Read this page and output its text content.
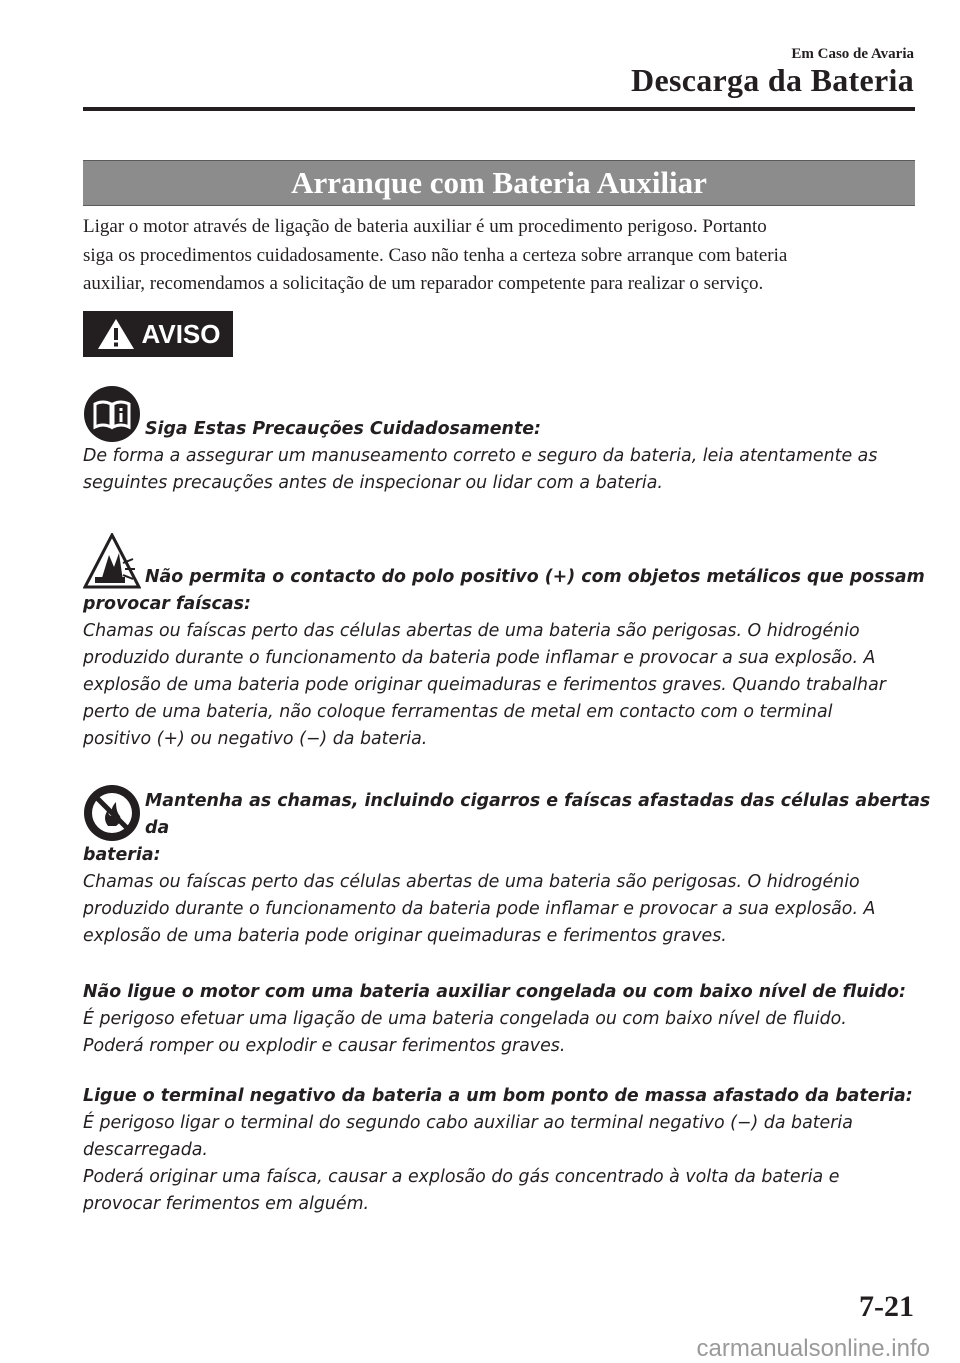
Em Caso de Avaria
Descarga da Bateria
Arranque com Bateria Auxiliar

Ligar o motor através de ligação de bateria auxiliar é um procedimento perigoso. Portanto

siga os procedimentos cuidadosamente. Caso não tenha a certeza sobre arranque com bateria

auxiliar, recomendamos a solicitação de um reparador competente para realizar o serviço.

AVISO
Siga Estas Precauções Cuidadosamente:

De forma a assegurar um manuseamento correto e seguro da bateria, leia atentamente as

seguintes precauções antes de inspecionar ou lidar com a bateria.

Não permita o contacto do polo positivo (+) com objetos metálicos que possam

provocar faíscas:

Chamas ou faíscas perto das células abertas de uma bateria são perigosas. O hidrogénio

produzido durante o funcionamento da bateria pode inflamar e provocar a sua explosão. A

explosão de uma bateria pode originar queimaduras e ferimentos graves. Quando trabalhar

perto de uma bateria, não coloque ferramentas de metal em contacto com o terminal

positivo (+) ou negativo (−) da bateria.

Mantenha as chamas, incluindo cigarros e faíscas afastadas das células abertas da

bateria:

Chamas ou faíscas perto das células abertas de uma bateria são perigosas. O hidrogénio

produzido durante o funcionamento da bateria pode inflamar e provocar a sua explosão. A

explosão de uma bateria pode originar queimaduras e ferimentos graves.

Não ligue o motor com uma bateria auxiliar congelada ou com baixo nível de fluido:

É perigoso efetuar uma ligação de uma bateria congelada ou com baixo nível de fluido.

Poderá romper ou explodir e causar ferimentos graves.

Ligue o terminal negativo da bateria a um bom ponto de massa afastado da bateria:

É perigoso ligar o terminal do segundo cabo auxiliar ao terminal negativo (−) da bateria

descarregada.

Poderá originar uma faísca, causar a explosão do gás concentrado à volta da bateria e

provocar ferimentos em alguém.

7-21
carmanualsonline.info
